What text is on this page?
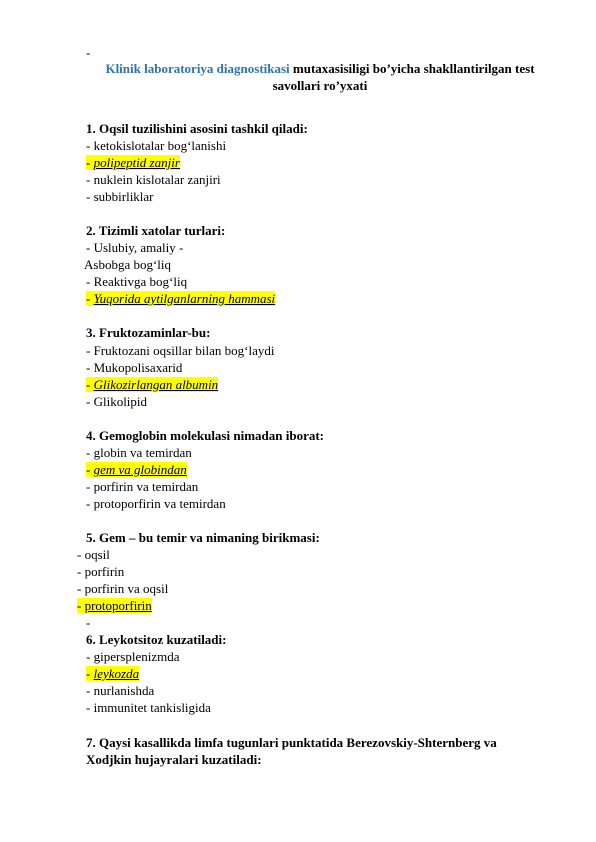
-
Klinik laboratoriya diagnostikasi mutaxasisiligi bo’yicha shakllantirilgan test
savollari ro’yxati
1. Oqsil tuzilishini asosini tashkil qiladi:
- ketokislotalar bog‘lanishi
- polipeptid zanjir
- nuklein kislotalar zanjiri
- subbirliklar
2. Tizimli xatolar turlari:
- Uslubiy, amaliy -
Asbobga bog‘liq
- Reaktivga bog‘liq
- Yuqorida aytilganlarning hammasi
3. Fruktozaminlar-bu:
- Fruktozani oqsillar bilan bog‘laydi
- Mukopolisaxarid
- Glikozirlangan albumin
- Glikolipid
4. Gemoglobin molekulasi nimadan iborat:
- globin va temirdan
- gem va globindan
- porfirin va temirdan
- protoporfirin va temirdan
5. Gem – bu temir va nimaning birikmasi:
- oqsil
- porfirin
- porfirin va oqsil
- protoporfirin
-
6. Leykotsitoz kuzatiladi:
- gipersplenizmda
- leykozda
- nurlanishda
- immunitet tankisligida
7. Qaysi kasallikda limfa tugunlari punktatida Berezovskiy-Shternberg va
Xodjkin hujayralari kuzatiladi:
